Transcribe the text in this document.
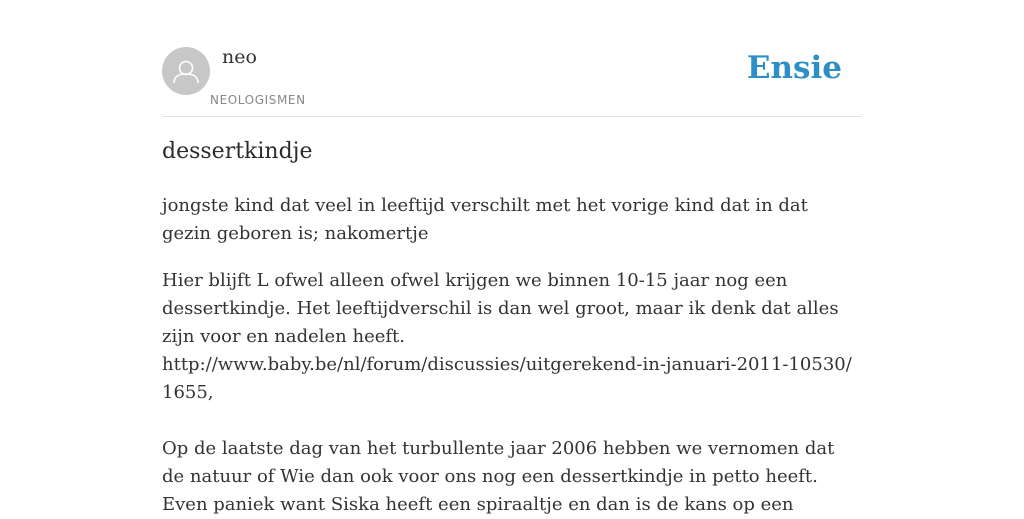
neo
NEOLOGISMEN
Ensie
dessertkindje

jongste kind dat veel in leeftijd verschilt met het vorige kind dat in dat gezin geboren is; nakomertje

Hier blijft L ofwel alleen ofwel krijgen we binnen 10-15 jaar nog een dessertkindje. Het leeftijdverschil is dan wel groot, maar ik denk dat alles zijn voor en nadelen heeft.
http://www.baby.be/nl/forum/discussies/uitgerekend-in-januari-2011-10530/1655,
Op de laatste dag van het turbullente jaar 2006 hebben we vernomen dat de natuur of Wie dan ook voor ons nog een dessertkindje in petto heeft. Even paniek want Siska heeft een spiraaltje en dan is de kans op een
